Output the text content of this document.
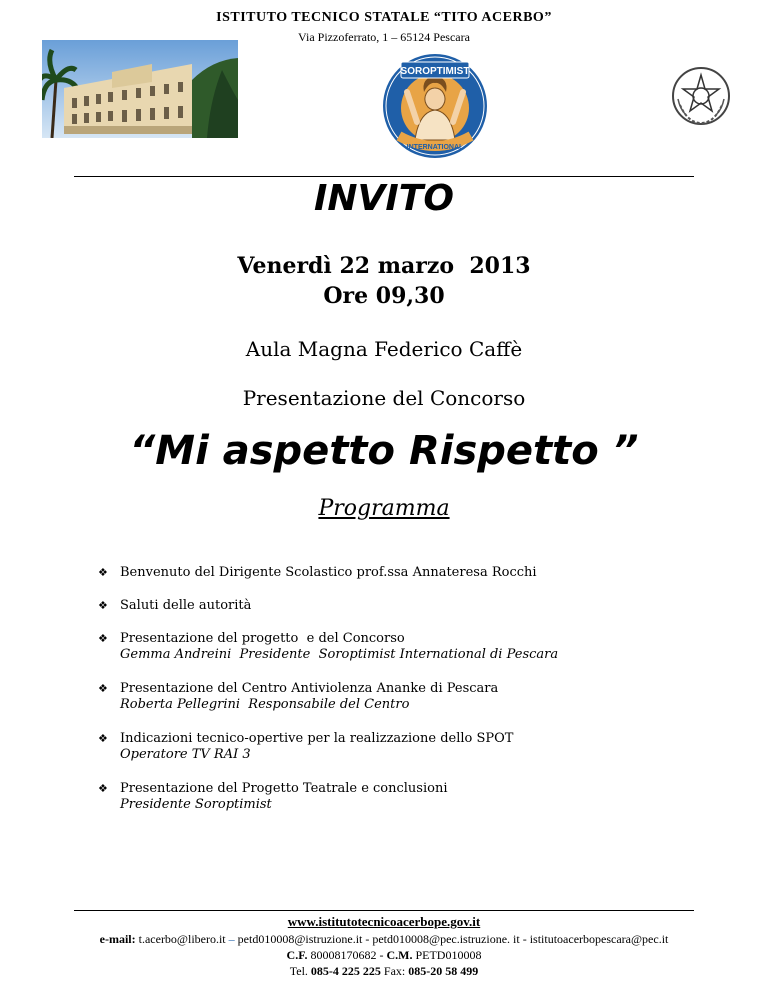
ISTITUTO TECNICO STATALE “TITO ACERBO”
Via Pizzoferrato, 1 – 65124 Pescara
SOROPTIMIST
INTERNATIONAL
INVITO
Venerdì 22 marzo  2013
Ore 09,30
Aula Magna Federico Caffè
Presentazione del Concorso
“Mi aspetto Rispetto ”
Programma
❖ Benvenuto del Dirigente Scolastico prof.ssa Annateresa Rocchi
❖ Saluti delle autorità
❖ Presentazione del progetto  e del Concorso
Gemma Andreini  Presidente  Soroptimist International di Pescara
❖ Presentazione del Centro Antiviolenza Ananke di Pescara
Roberta Pellegrini  Responsabile del Centro
❖ Indicazioni tecnico-opertive per la realizzazione dello SPOT
Operatore TV RAI 3
❖ Presentazione del Progetto Teatrale e conclusioni
Presidente Soroptimist
www.istitutotecnicoacerbope.gov.it
e-mail: t.acerbo@libero.it – petd010008@istruzione.it - petd010008@pec.istruzione. it - istitutoacerbopescara@pec.it
C.F. 80008170682 - C.M. PETD010008
Tel. 085-4 225 225 Fax: 085-20 58 499
